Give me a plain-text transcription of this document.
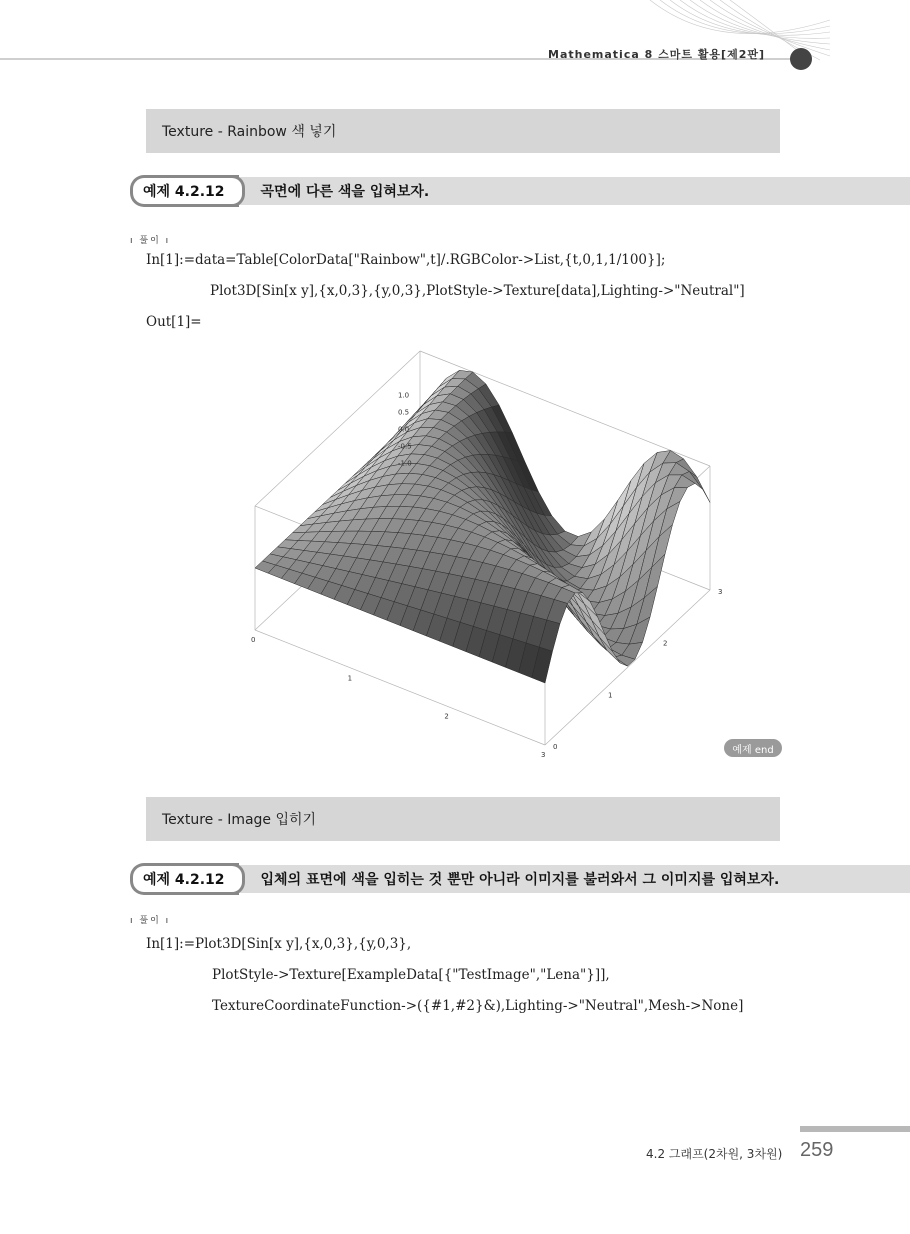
Mathematica 8 스마트 활용[제2판]
Texture - Rainbow 색 넣기
예제 4.2.12	곡면에 다른 색을 입혀보자.
ı 풀이 ı
In[1]:=data=Table[ColorData["Rainbow",t]/.RGBColor->List,{t,0,1,1/100}];
Plot3D[Sin[x y],{x,0,3},{y,0,3},PlotStyle->Texture[data],Lighting->"Neutral"]
Out[1]=
1.0
0.5
0.0
-0.5
-1.0
0
1
2
3
0
1
2
3
예제 end
Texture - Image 입히기
예제 4.2.12	입체의 표면에 색을 입히는 것 뿐만 아니라 이미지를 불러와서 그 이미지를 입혀보자.
ı 풀이 ı
In[1]:=Plot3D[Sin[x y],{x,0,3},{y,0,3},
PlotStyle->Texture[ExampleData[{"TestImage","Lena"}]],
TextureCoordinateFunction->({#1,#2}&),Lighting->"Neutral",Mesh->None]
4.2 그래프(2차원, 3차원) 259
